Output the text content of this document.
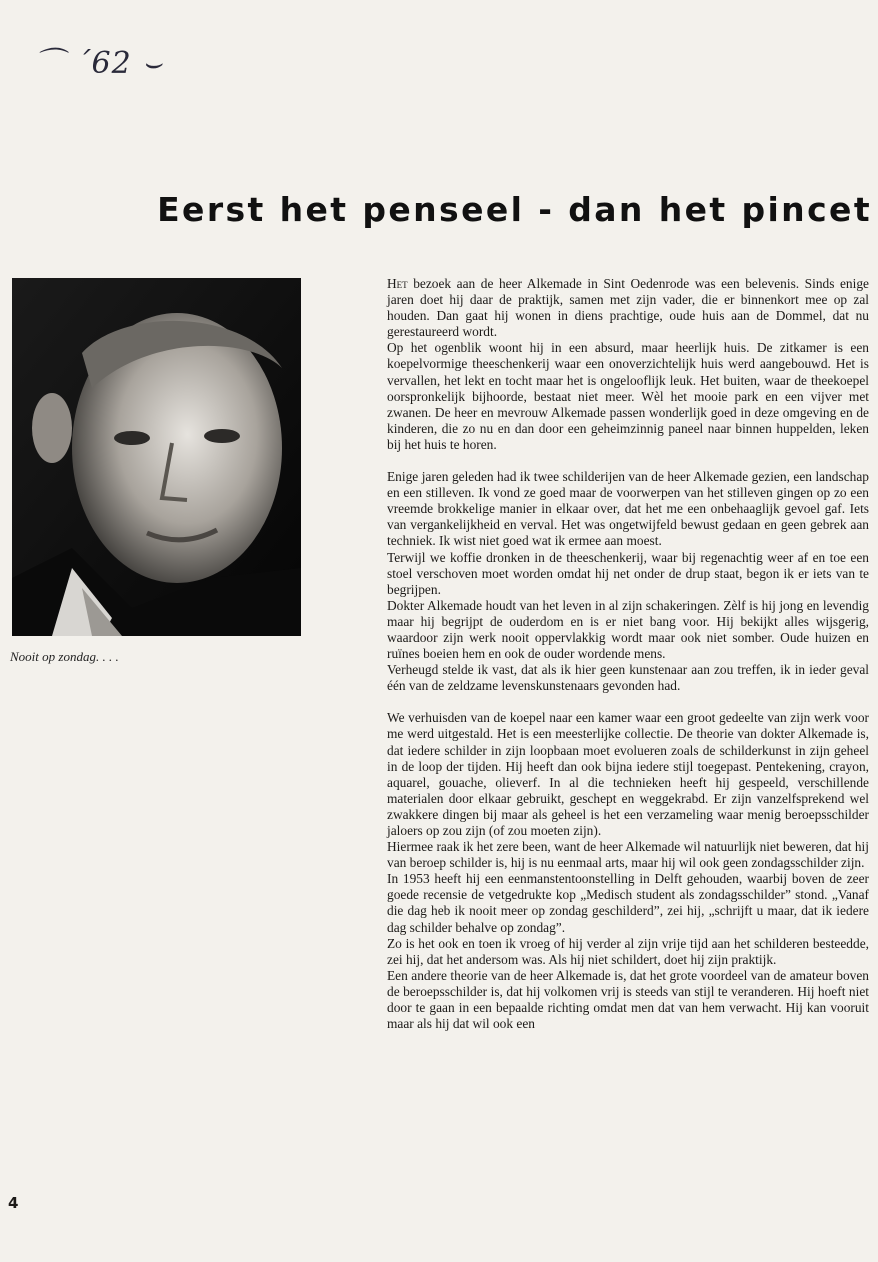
⌒ ´62 ⌣
Eerst het penseel - dan het pincet
Nooit op zondag. . . .

Het bezoek aan de heer Alkemade in Sint Oedenrode was een belevenis. Sinds enige jaren doet hij daar de praktijk, samen met zijn vader, die er binnenkort mee op zal houden. Dan gaat hij wonen in diens prachtige, oude huis aan de Dommel, dat nu gerestaureerd wordt.

Op het ogenblik woont hij in een absurd, maar heerlijk huis. De zitkamer is een koepelvormige theeschenkerij waar een onoverzichtelijk huis werd aangebouwd. Het is vervallen, het lekt en tocht maar het is ongelooflijk leuk. Het buiten, waar de theekoepel oorspronkelijk bijhoorde, bestaat niet meer. Wèl het mooie park en een vijver met zwanen. De heer en mevrouw Alkemade passen wonderlijk goed in deze omgeving en de kinderen, die zo nu en dan door een geheimzinnig paneel naar binnen huppelden, leken bij het huis te horen.

Enige jaren geleden had ik twee schilderijen van de heer Alkemade gezien, een landschap en een stilleven. Ik vond ze goed maar de voorwerpen van het stilleven gingen op zo een vreemde brokkelige manier in elkaar over, dat het me een onbehaaglijk gevoel gaf. Iets van vergankelijkheid en verval. Het was ongetwijfeld bewust gedaan en geen gebrek aan techniek. Ik wist niet goed wat ik ermee aan moest.

Terwijl we koffie dronken in de theeschenkerij, waar bij regenachtig weer af en toe een stoel verschoven moet worden omdat hij net onder de drup staat, begon ik er iets van te begrijpen.

Dokter Alkemade houdt van het leven in al zijn schakeringen. Zèlf is hij jong en levendig maar hij begrijpt de ouderdom en is er niet bang voor. Hij bekijkt alles wijsgerig, waardoor zijn werk nooit oppervlakkig wordt maar ook niet somber. Oude huizen en ruïnes boeien hem en ook de ouder wordende mens.

Verheugd stelde ik vast, dat als ik hier geen kunstenaar aan zou treffen, ik in ieder geval één van de zeldzame levenskunstenaars gevonden had.

We verhuisden van de koepel naar een kamer waar een groot gedeelte van zijn werk voor me werd uitgestald. Het is een meesterlijke collectie. De theorie van dokter Alkemade is, dat iedere schilder in zijn loopbaan moet evolueren zoals de schilderkunst in zijn geheel in de loop der tijden. Hij heeft dan ook bijna iedere stijl toegepast. Pentekening, crayon, aquarel, gouache, olieverf. In al die technieken heeft hij gespeeld, verschillende materialen door elkaar gebruikt, geschept en weggekrabd. Er zijn vanzelfsprekend wel zwakkere dingen bij maar als geheel is het een verzameling waar menig beroepsschilder jaloers op zou zijn (of zou moeten zijn).

Hiermee raak ik het zere been, want de heer Alkemade wil natuurlijk niet beweren, dat hij van beroep schilder is, hij is nu eenmaal arts, maar hij wil ook geen zondagsschilder zijn.

In 1953 heeft hij een eenmanstentoonstelling in Delft gehouden, waarbij boven de zeer goede recensie de vetgedrukte kop „Medisch student als zondagsschilder” stond. „Vanaf die dag heb ik nooit meer op zondag geschilderd”, zei hij, „schrijft u maar, dat ik iedere dag schilder behalve op zondag”.

Zo is het ook en toen ik vroeg of hij verder al zijn vrije tijd aan het schilderen besteedde, zei hij, dat het andersom was. Als hij niet schildert, doet hij zijn praktijk.

Een andere theorie van de heer Alkemade is, dat het grote voordeel van de amateur boven de beroepsschilder is, dat hij volkomen vrij is steeds van stijl te veranderen. Hij hoeft niet door te gaan in een bepaalde richting omdat men dat van hem verwacht. Hij kan vooruit maar als hij dat wil ook een

4
